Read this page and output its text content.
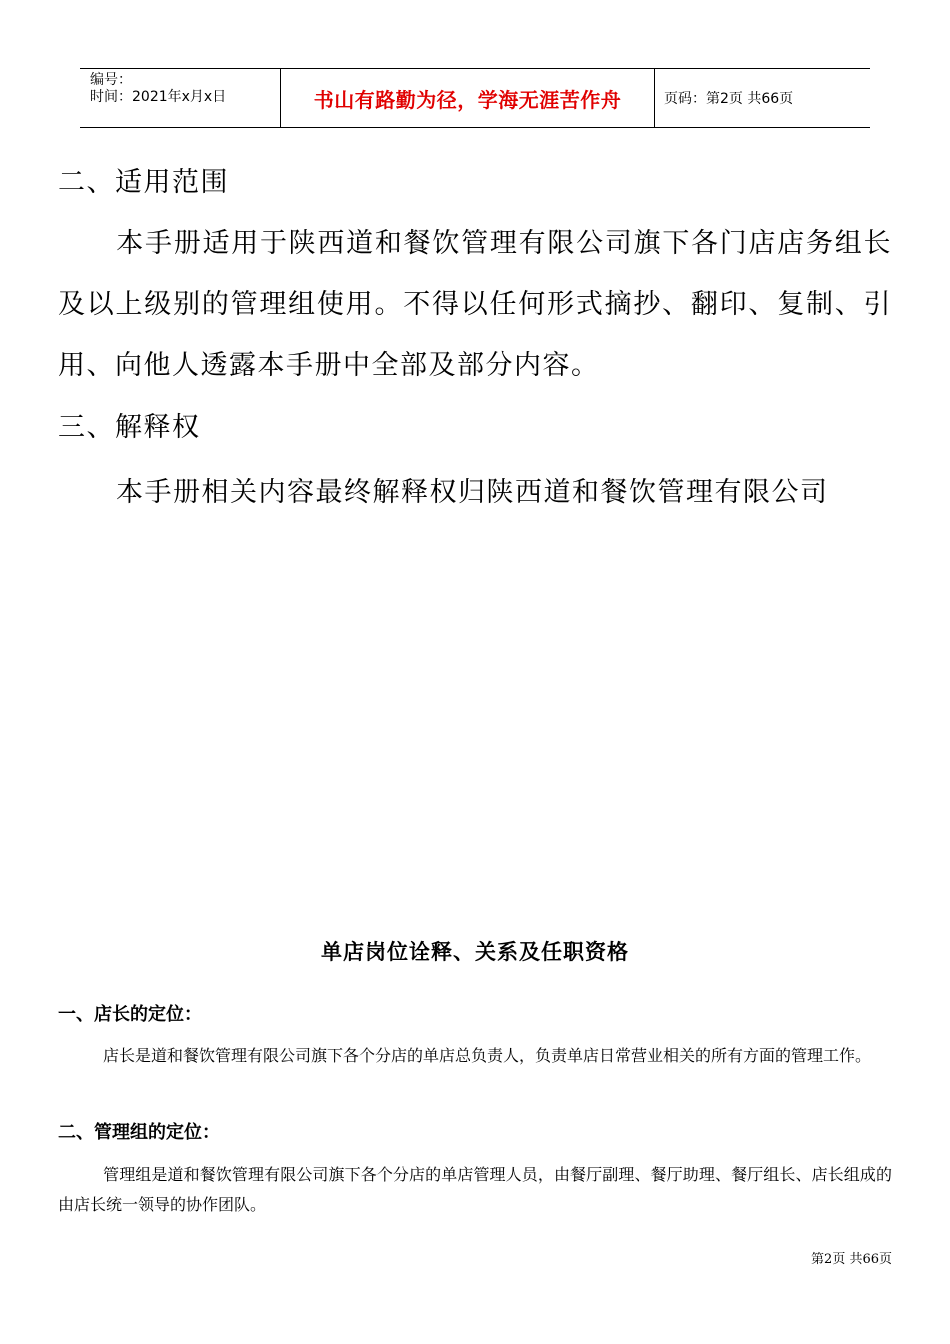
编号：
时间：2021年x月x日	书山有路勤为径，学海无涯苦作舟	页码：第2页 共66页
二、适用范围
本手册适用于陕西道和餐饮管理有限公司旗下各门店店务组长及以上级别的管理组使用。不得以任何形式摘抄、翻印、复制、引用、向他人透露本手册中全部及部分内容。
三、解释权
本手册相关内容最终解释权归陕西道和餐饮管理有限公司
单店岗位诠释、关系及任职资格
一、店长的定位：
店长是道和餐饮管理有限公司旗下各个分店的单店总负责人，负责单店日常营业相关的所有方面的管理工作。
二、管理组的定位：
管理组是道和餐饮管理有限公司旗下各个分店的单店管理人员，由餐厅副理、餐厅助理、餐厅组长、店长组成的由店长统一领导的协作团队。
第2页 共66页
